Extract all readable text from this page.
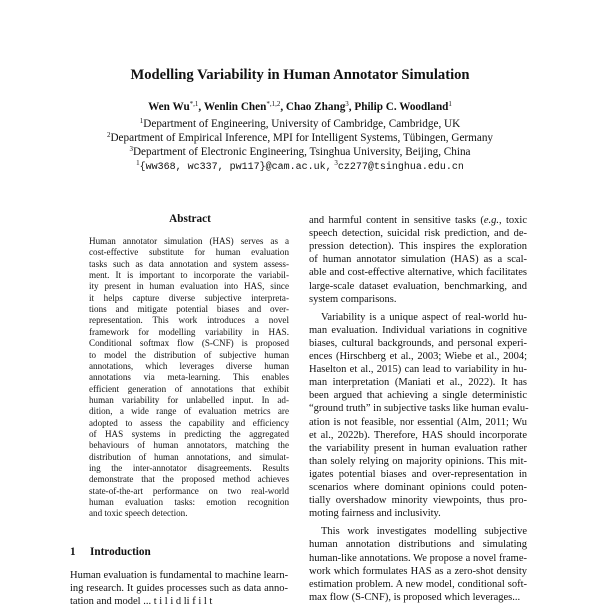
Modelling Variability in Human Annotator Simulation
Wen $Wu^{*,1}$, Wenlin Chen$^{*,1,2}$, Chao Zhang$^3$, Philip C. Woodland$^1$
$^1$Department of Engineering, University of Cambridge, Cambridge, UK
$^2$Department of Empirical Inference, MPI for Intelligent Systems, Tübingen, Germany
$^3$Department of Electronic Engineering, Tsinghua University, Beijing, China
$^1${ww368, wc337, pw117}@cam.ac.uk, $^3$cz277@tsinghua.edu.cn
Abstract
Human annotator simulation (HAS) serves as a
cost-effective substitute for human evaluation
tasks such as data annotation and system assess-
ment. It is important to incorporate the variabil-
ity present in human evaluation into HAS, since
it helps capture diverse subjective interpreta-
tions and mitigate potential biases and over-
representation. This work introduces a novel
framework for modelling variability in HAS.
Conditional softmax flow (S-CNF) is proposed
to model the distribution of subjective human
annotations, which leverages diverse human
annotations via meta-learning. This enables
efficient generation of annotations that exhibit
human variability for unlabelled input. In ad-
dition, a wide range of evaluation metrics are
adopted to assess the capability and efficiency
of HAS systems in predicting the aggregated
behaviours of human annotators, matching the
distribution of human annotations, and simulat-
ing the inter-annotator disagreements. Results
demonstrate that the proposed method achieves
state-of-the-art performance on two real-world
human evaluation tasks: emotion recognition
and toxic speech detection.
1 Introduction
Human evaluation is fundamental to machine learn-
ing research. It guides processes such as data anno-
tation and model ... t i l i d li f i l t
and harmful content in sensitive tasks (e.g., toxic
speech detection, suicidal risk prediction, and de-
pression detection). This inspires the exploration
of human annotator simulation (HAS) as a scal-
able and cost-effective alternative, which facilitates
large-scale dataset evaluation, benchmarking, and
system comparisons.
Variability is a unique aspect of real-world hu-
man evaluation. Individual variations in cognitive
biases, cultural backgrounds, and personal experi-
ences (Hirschberg et al., 2003; Wiebe et al., 2004;
Haselton et al., 2015) can lead to variability in hu-
man interpretation (Maniati et al., 2022). It has
been argued that achieving a single deterministic
“ground truth” in subjective tasks like human evalu-
ation is not feasible, nor essential (Alm, 2011; Wu
et al., 2022b). Therefore, HAS should incorporate
the variability present in human evaluation rather
than solely relying on majority opinions. This mit-
igates potential biases and over-representation in
scenarios where dominant opinions could poten-
tially overshadow minority viewpoints, thus pro-
moting fairness and inclusivity.
This work investigates modelling subjective
human annotation distributions and simulating
human-like annotations. We propose a novel frame-
work which formulates HAS as a zero-shot density
estimation problem. A new model, conditional soft-
max flow (S-CNF), is proposed which leverages...
